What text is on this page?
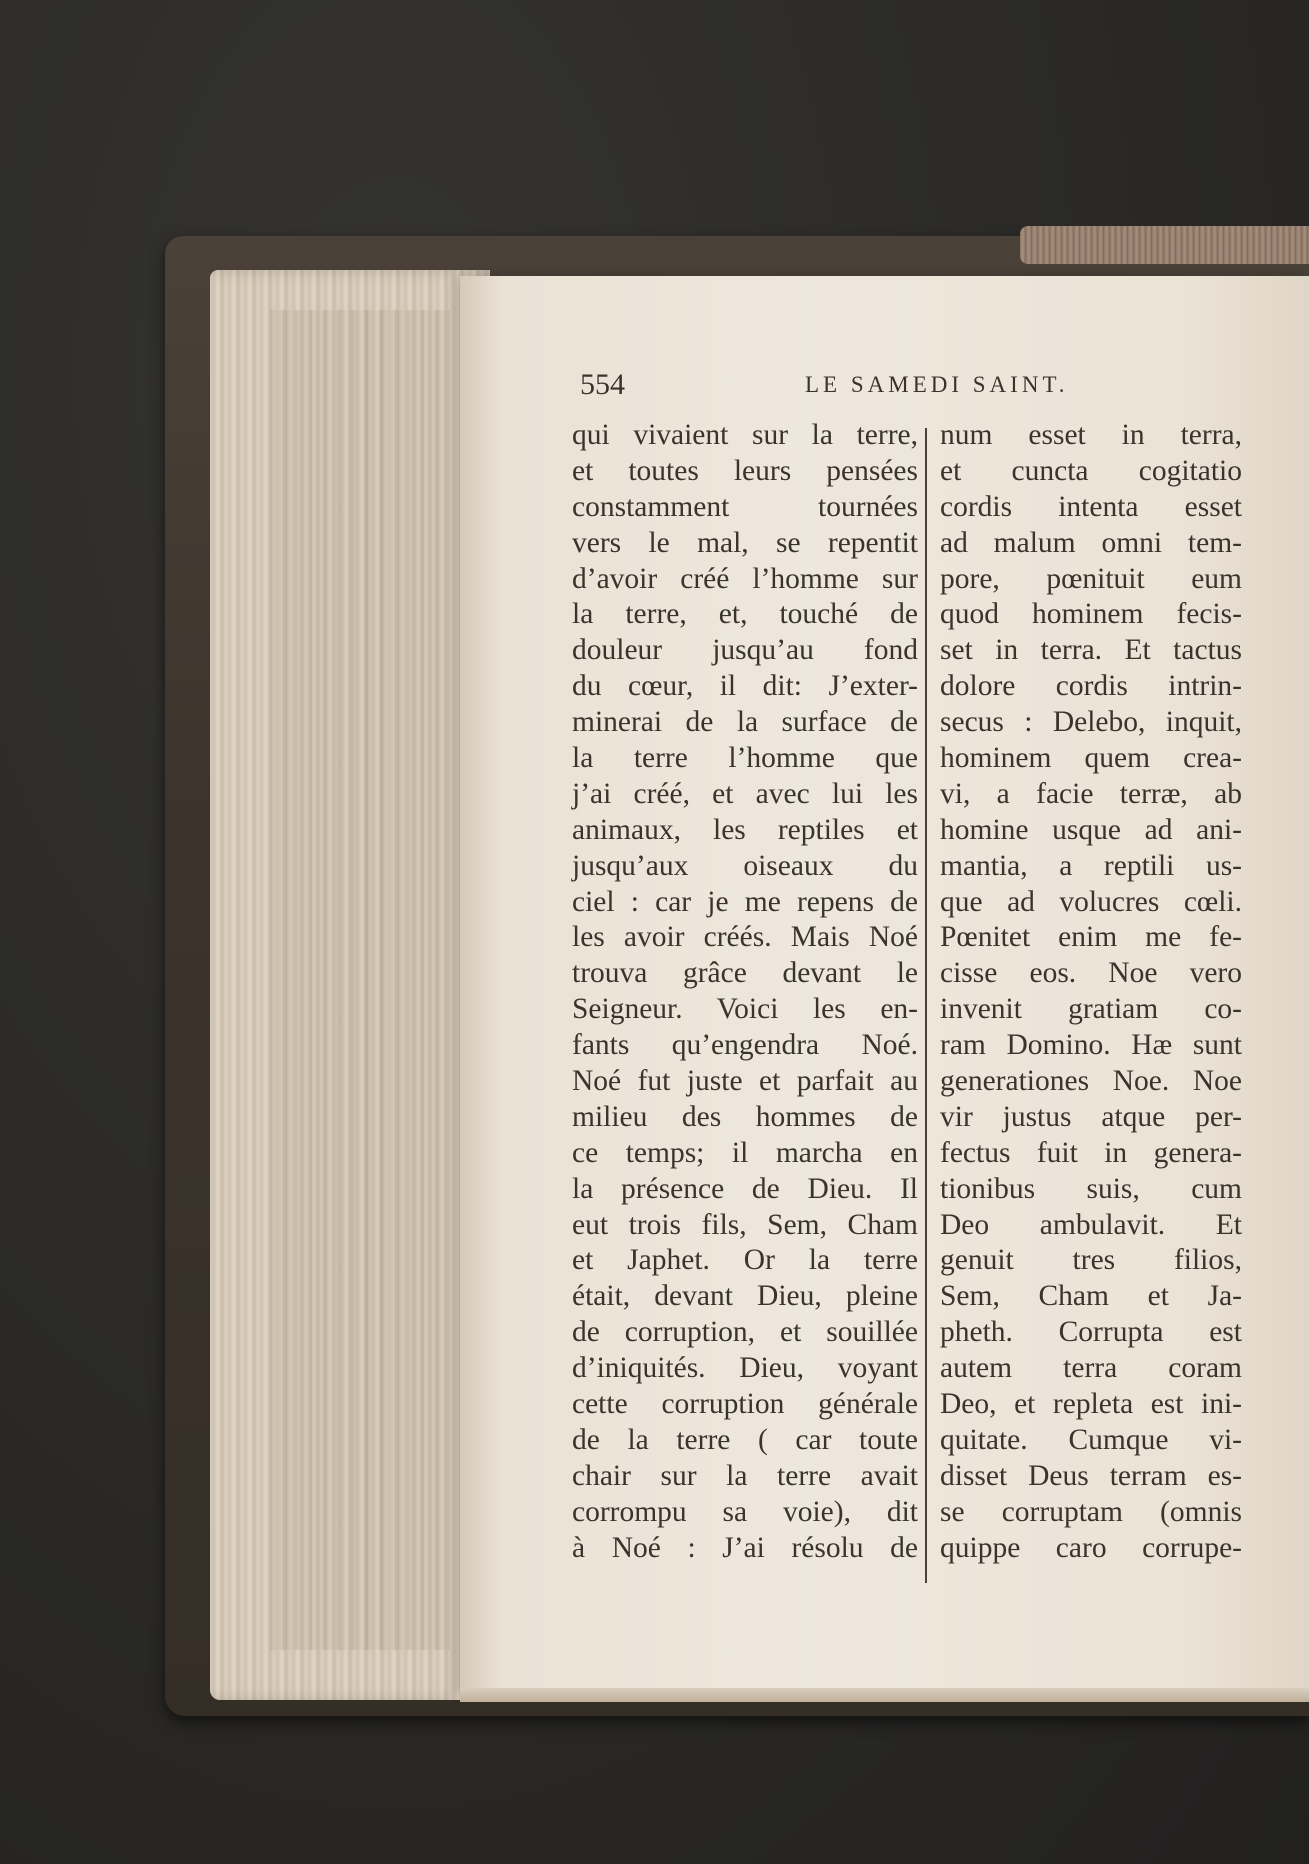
554	LE SAMEDI SAINT.
qui vivaient sur la terre,
et toutes leurs pensées
constamment tournées
vers le mal, se repentit
d’avoir créé l’homme sur
la terre, et, touché de
douleur jusqu’au fond
du cœur, il dit: J’exter-
minerai de la surface de
la terre l’homme que
j’ai créé, et avec lui les
animaux, les reptiles et
jusqu’aux oiseaux du
ciel : car je me repens de
les avoir créés. Mais Noé
trouva grâce devant le
Seigneur. Voici les en-
fants qu’engendra Noé.
Noé fut juste et parfait au
milieu des hommes de
ce temps; il marcha en
la présence de Dieu. Il
eut trois fils, Sem, Cham
et Japhet. Or la terre
était, devant Dieu, pleine
de corruption, et souillée
d’iniquités. Dieu, voyant
cette corruption générale
de la terre ( car toute
chair sur la terre avait
corrompu sa voie), dit
à Noé : J’ai résolu de
num esset in terra,
et cuncta cogitatio
cordis intenta esset
ad malum omni tem-
pore, pœnituit eum
quod hominem fecis-
set in terra. Et tactus
dolore cordis intrin-
secus : Delebo, inquit,
hominem quem crea-
vi, a facie terræ, ab
homine usque ad ani-
mantia, a reptili us-
que ad volucres cœli.
Pœnitet enim me fe-
cisse eos. Noe vero
invenit gratiam co-
ram Domino. Hæ sunt
generationes Noe. Noe
vir justus atque per-
fectus fuit in genera-
tionibus suis, cum
Deo ambulavit. Et
genuit tres filios,
Sem, Cham et Ja-
pheth. Corrupta est
autem terra coram
Deo, et repleta est ini-
quitate. Cumque vi-
disset Deus terram es-
se corruptam (omnis
quippe caro corrupe-
